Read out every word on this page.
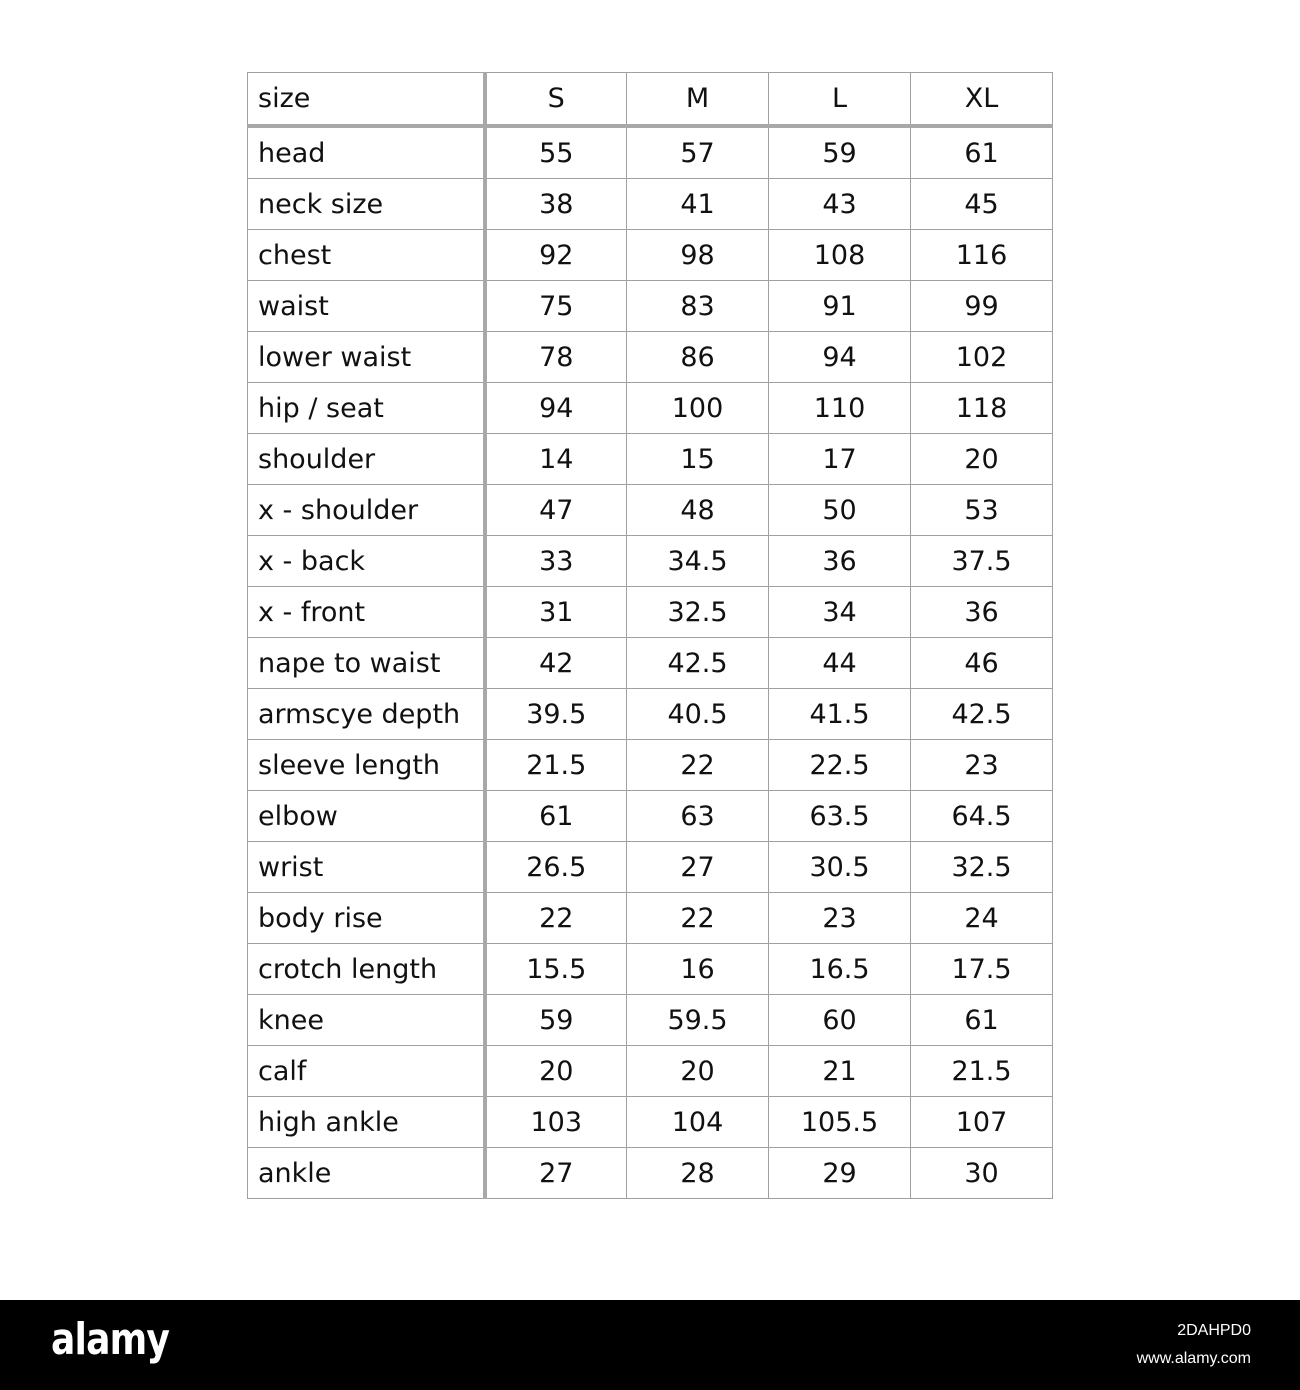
size	S	M	L	XL
head	55	57	59	61
neck size	38	41	43	45
chest	92	98	108	116
waist	75	83	91	99
lower waist	78	86	94	102
hip / seat	94	100	110	118
shoulder	14	15	17	20
x - shoulder	47	48	50	53
x - back	33	34.5	36	37.5
x - front	31	32.5	34	36
nape to waist	42	42.5	44	46
armscye depth	39.5	40.5	41.5	42.5
sleeve length	21.5	22	22.5	23
elbow	61	63	63.5	64.5
wrist	26.5	27	30.5	32.5
body rise	22	22	23	24
crotch length	15.5	16	16.5	17.5
knee	59	59.5	60	61
calf	20	20	21	21.5
high ankle	103	104	105.5	107
ankle	27	28	29	30
alamy	2DAHPD0
www.alamy.com
